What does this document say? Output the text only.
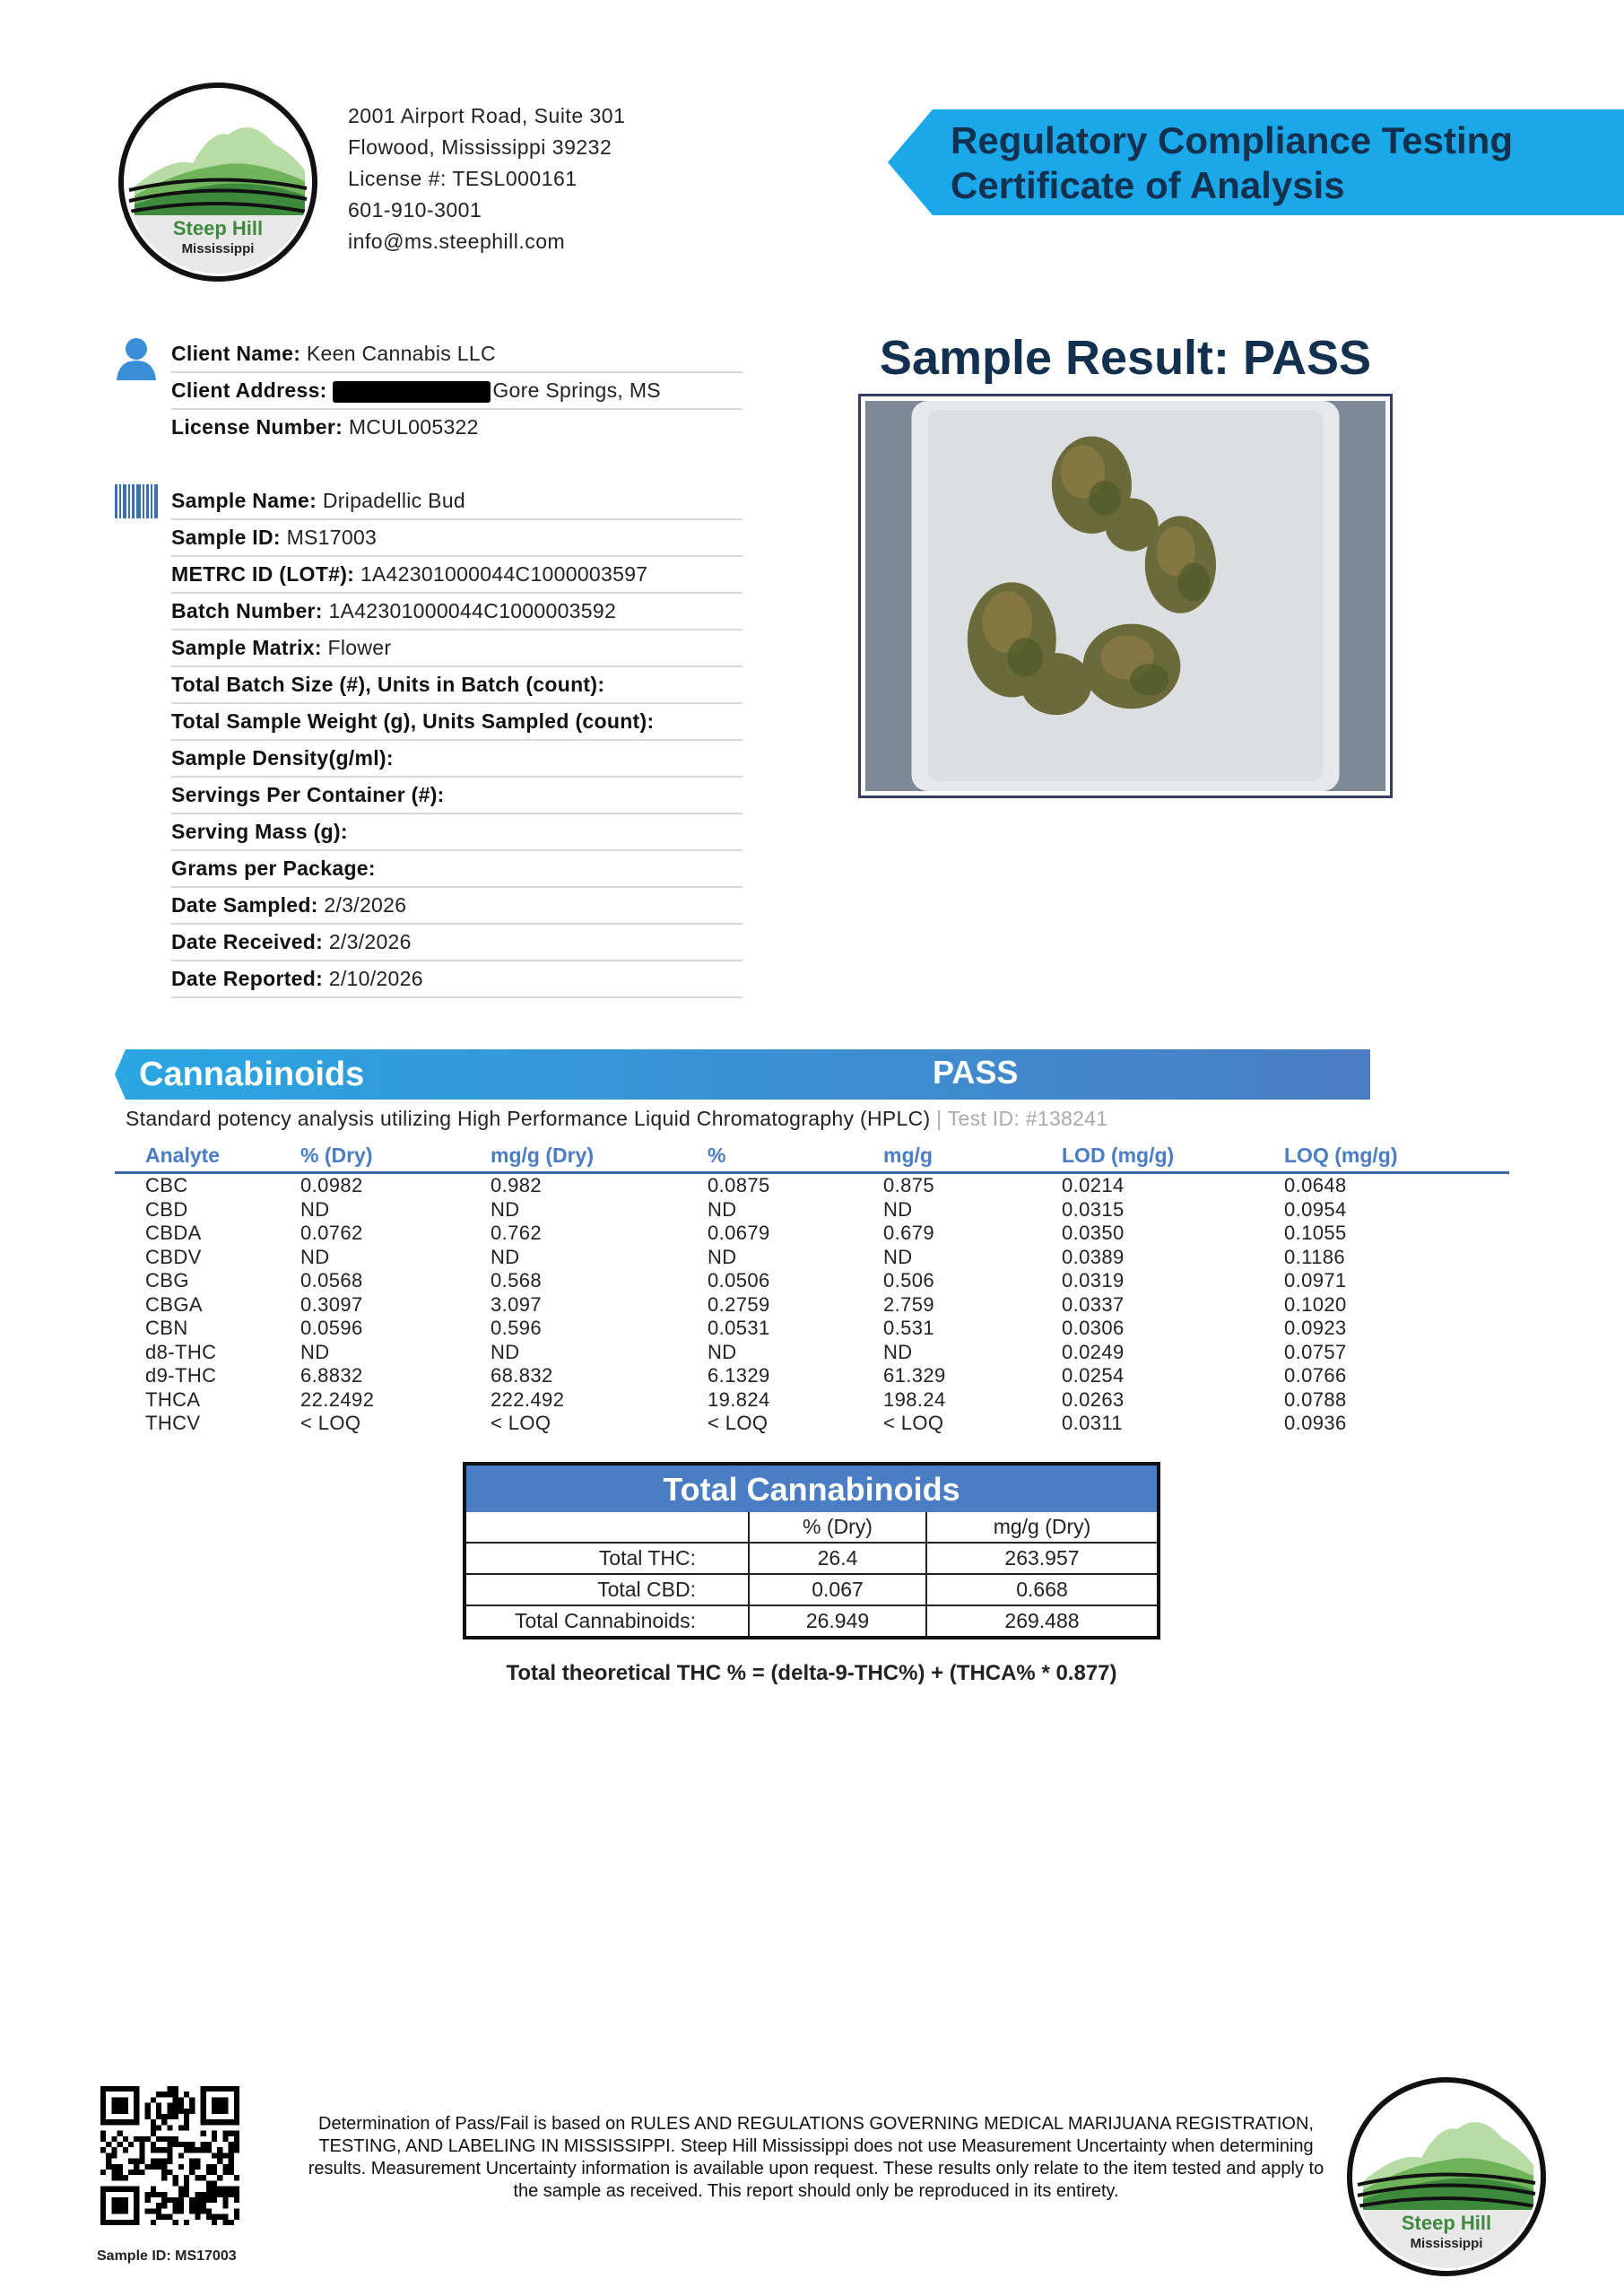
Steep Hill
Mississippi
2001 Airport Road, Suite 301
Flowood, Mississippi 39232
License #: TESL000161
601-910-3001
info@ms.steephill.com
Regulatory Compliance Testing
Certificate of Analysis
Client Name: Keen Cannabis LLC
Client Address:	Gore Springs, MS
License Number: MCUL005322
Sample Name: Dripadellic Bud
Sample ID: MS17003
METRC ID (LOT#): 1A42301000044C1000003597
Batch Number: 1A42301000044C1000003592
Sample Matrix: Flower
Total Batch Size (#), Units in Batch (count):
Total Sample Weight (g), Units Sampled (count):
Sample Density(g/ml):
Servings Per Container (#):
Serving Mass (g):
Grams per Package:
Date Sampled: 2/3/2026
Date Received: 2/3/2026
Date Reported: 2/10/2026
Sample Result: PASS
Cannabinoids	PASS
Standard potency analysis utilizing High Performance Liquid Chromatography (HPLC) | Test ID: #138241
Analyte	% (Dry)	mg/g (Dry)	%	mg/g	LOD (mg/g)	LOQ (mg/g)
CBC	0.0982	0.982	0.0875	0.875	0.0214	0.0648
CBD	ND	ND	ND	ND	0.0315	0.0954
CBDA	0.0762	0.762	0.0679	0.679	0.0350	0.1055
CBDV	ND	ND	ND	ND	0.0389	0.1186
CBG	0.0568	0.568	0.0506	0.506	0.0319	0.0971
CBGA	0.3097	3.097	0.2759	2.759	0.0337	0.1020
CBN	0.0596	0.596	0.0531	0.531	0.0306	0.0923
d8-THC	ND	ND	ND	ND	0.0249	0.0757
d9-THC	6.8832	68.832	6.1329	61.329	0.0254	0.0766
THCA	22.2492	222.492	19.824	198.24	0.0263	0.0788
THCV	< LOQ	< LOQ	< LOQ	< LOQ	0.0311	0.0936
Total Cannabinoids
	% (Dry)	mg/g (Dry)
Total THC:	26.4	263.957
Total CBD:	0.067	0.668
Total Cannabinoids:	26.949	269.488
Total theoretical THC % = (delta-9-THC%) + (THCA% * 0.877)
Sample ID: MS17003
Determination of Pass/Fail is based on RULES AND REGULATIONS GOVERNING MEDICAL MARIJUANA REGISTRATION, TESTING, AND LABELING IN MISSISSIPPI. Steep Hill Mississippi does not use Measurement Uncertainty when determining results. Measurement Uncertainty information is available upon request. These results only relate to the item tested and apply to the sample as received. This report should only be reproduced in its entirety.
Steep Hill
Mississippi
